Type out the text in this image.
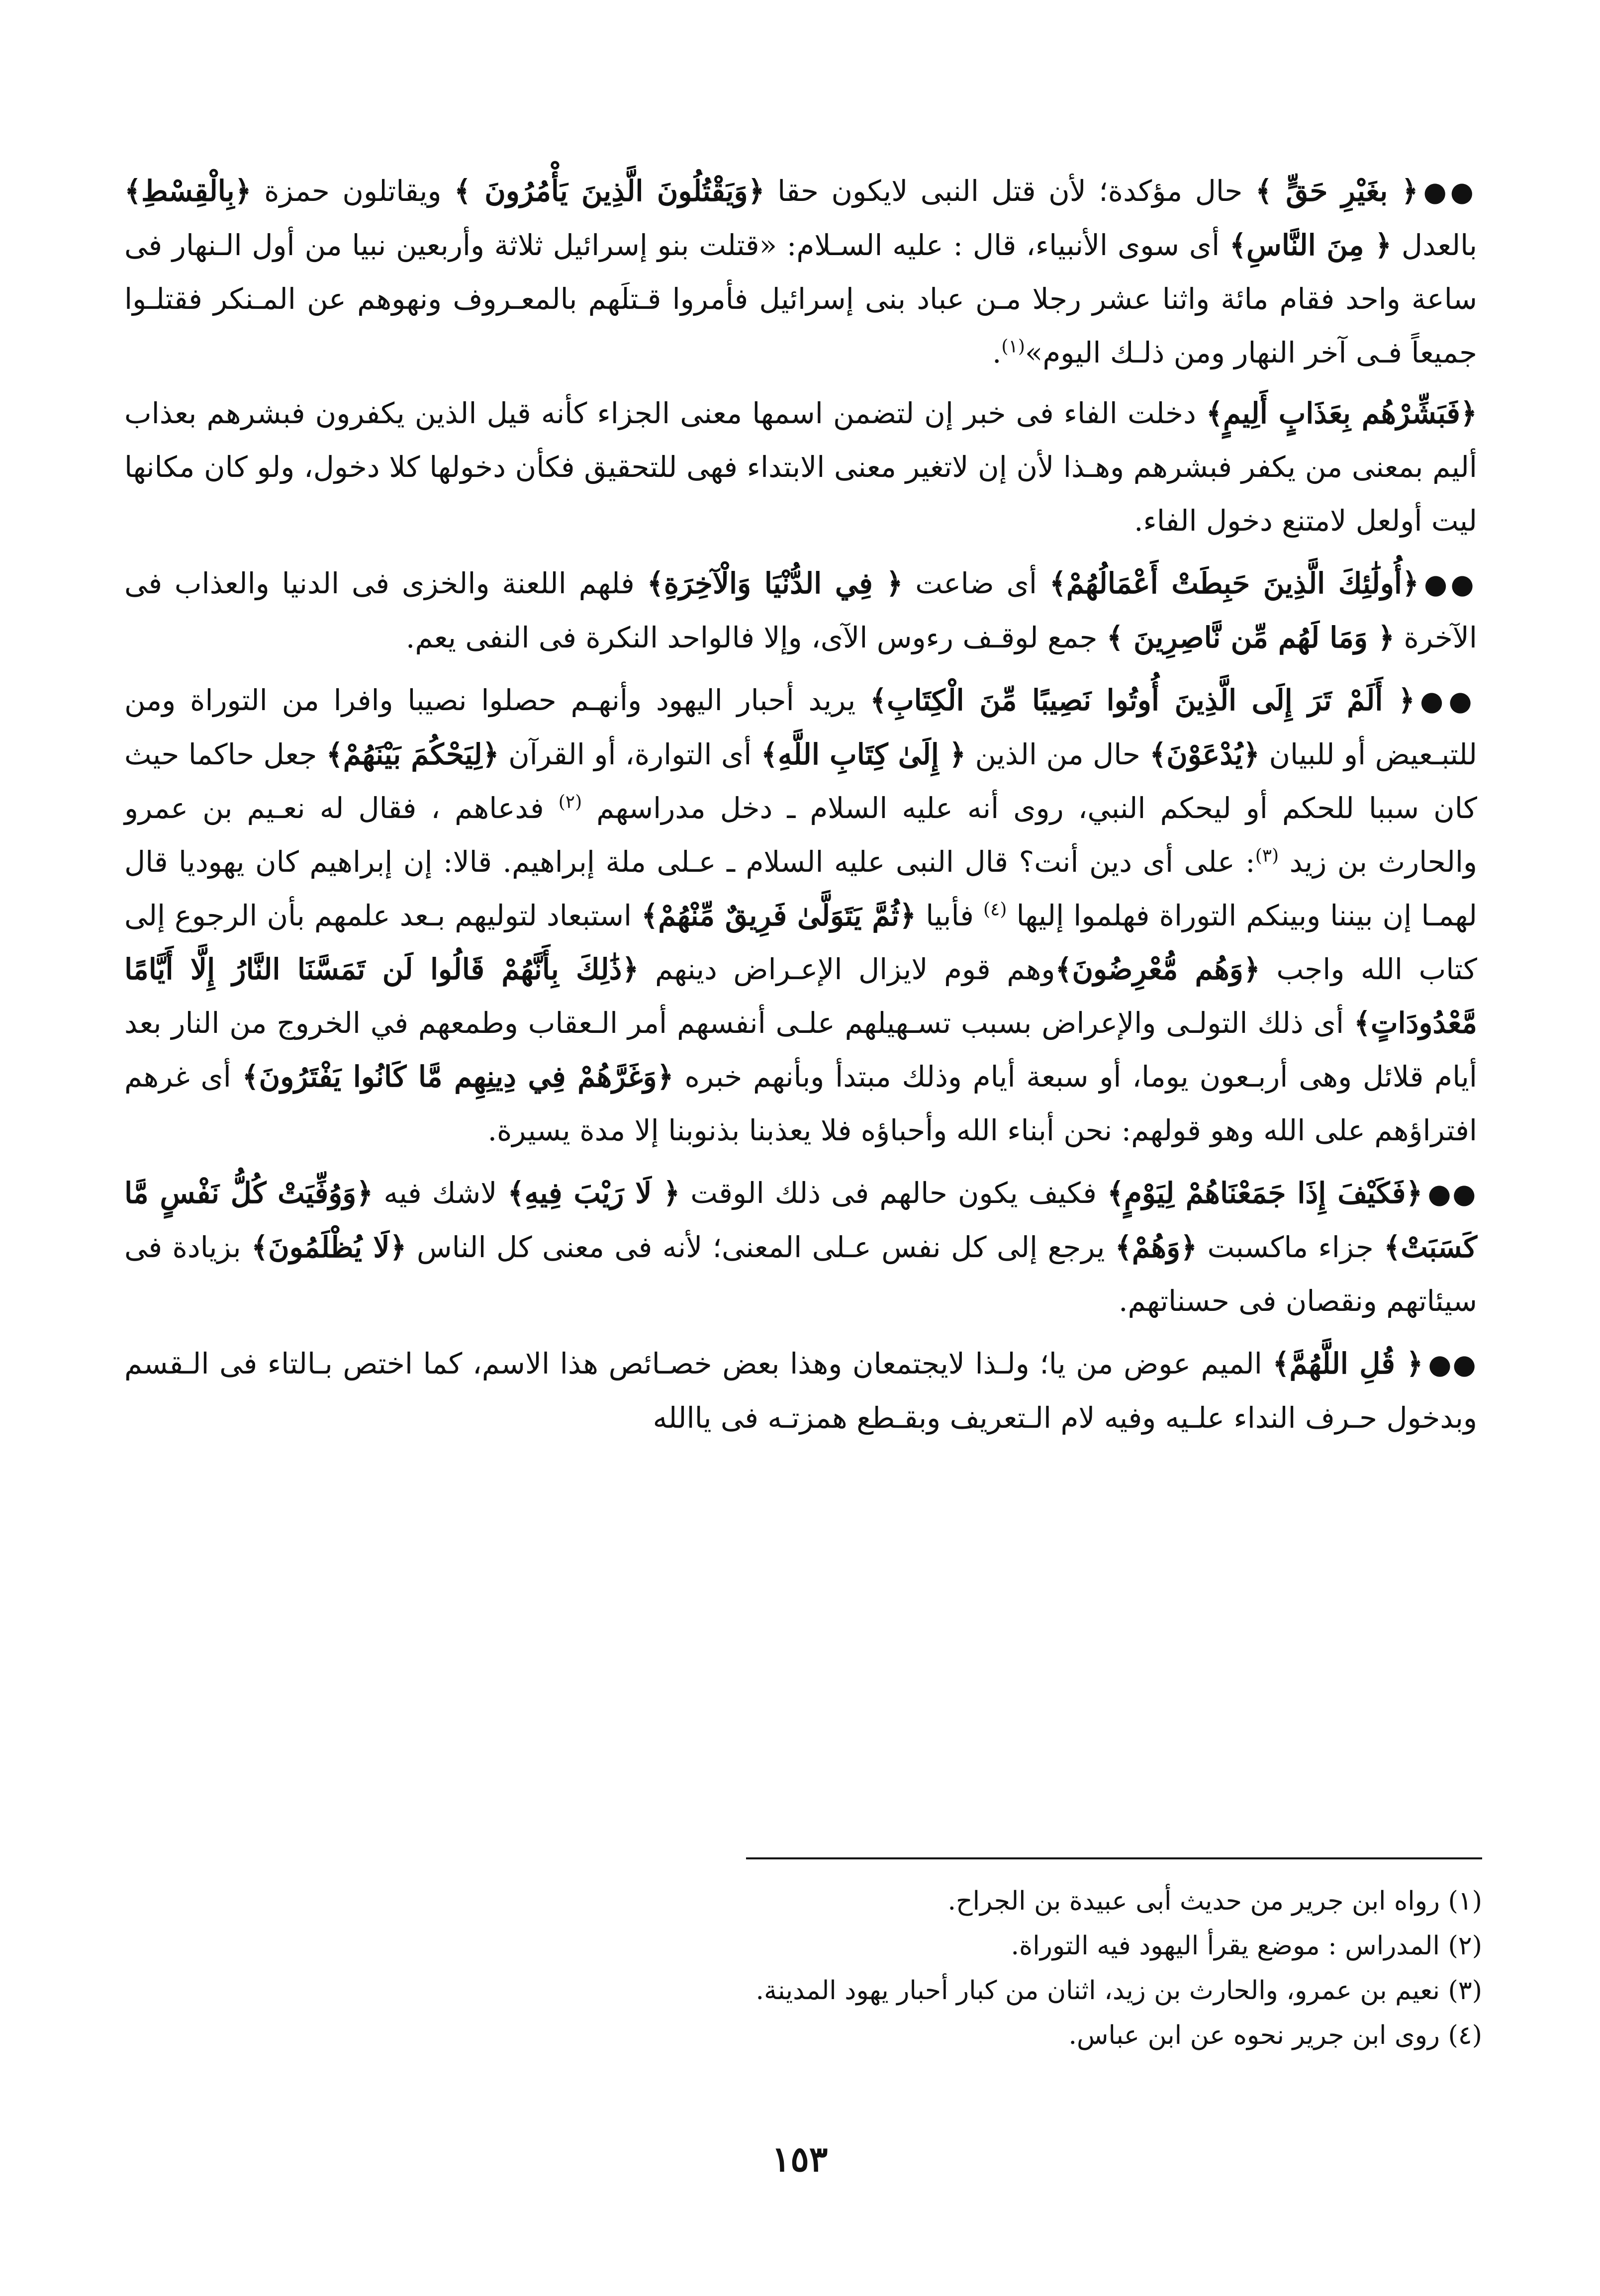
●●﴿ بغَيْرِ حَقٍّ ﴾ حال مؤكدة؛ لأن قتل النبى لايكون حقا ﴿وَيَقْتُلُونَ الَّذِينَ يَأْمُرُونَ ﴾ ويقاتلون حمزة ﴿بِالْقِسْطِ﴾ بالعدل ﴿ مِنَ النَّاسِ﴾ أى سوى الأنبياء، قال : عليه السـلام: «قتلت بنو إسرائيل ثلاثة وأربعين نبيا من أول الـنهار فى ساعة واحد فقام مائة واثنا عشر رجلا مـن عباد بنى إسرائيل فأمروا قـتلَهم بالمعـروف ونهوهم عن المـنكر فقتلـوا جميعاً فـى آخر النهار ومن ذلـك اليوم»$^{(١)}$.

﴿فَبَشِّرْهُم بِعَذَابٍ أَلِيمٍ﴾ دخلت الفاء فى خبر إن لتضمن اسمها معنى الجزاء كأنه قيل الذين يكفرون فبشرهم بعذاب أليم بمعنى من يكفر فبشرهم وهـذا لأن إن لاتغير معنى الابتداء فهى للتحقيق فكأن دخولها كلا دخول، ولو كان مكانها ليت أولعل لامتنع دخول الفاء.

●●﴿أُولَٰئِكَ الَّذِينَ حَبِطَتْ أَعْمَالُهُمْ﴾ أى ضاعت ﴿ فِي الدُّنْيَا وَالْآخِرَةِ﴾ فلهم اللعنة والخزى فى الدنيا والعذاب فى الآخرة ﴿ وَمَا لَهُم مِّن نَّاصِرِينَ ﴾ جمع لوقـف رءوس الآى، وإلا فالواحد النكرة فى النفى يعم.

●●﴿ أَلَمْ تَرَ إِلَى الَّذِينَ أُوتُوا نَصِيبًا مِّنَ الْكِتَابِ﴾ يريد أحبار اليهود وأنهـم حصلوا نصيبا وافرا من التوراة ومن للتبـعيض أو للبيان ﴿يُدْعَوْنَ﴾ حال من الذين ﴿ إِلَىٰ كِتَابِ اللَّهِ﴾ أى التوارة، أو القرآن ﴿لِيَحْكُمَ بَيْنَهُمْ﴾ جعل حاكما حيث كان سببا للحكم أو ليحكم النبي، روى أنه عليه السلام ـ دخل مدراسهم $^{(٢)}$ فدعاهم ، فقال له نعـيم بن عمرو والحارث بن زيد $^{(٣)}$: على أى دين أنت؟ قال النبى عليه السلام ـ عـلى ملة إبراهيم. قالا: إن إبراهيم كان يهوديا قال لهمـا إن بيننا وبينكم التوراة فهلموا إليها $^{(٤)}$ فأبيا ﴿ثُمَّ يَتَوَلَّىٰ فَرِيقٌ مِّنْهُمْ﴾ استبعاد لتوليهم بـعد علمهم بأن الرجوع إلى كتاب الله واجب ﴿وَهُم مُّعْرِضُونَ﴾وهم قوم لايزال الإعـراض دينهم ﴿ذَٰلِكَ بِأَنَّهُمْ قَالُوا لَن تَمَسَّنَا النَّارُ إِلَّا أَيَّامًا مَّعْدُودَاتٍ﴾ أى ذلك التولـى والإعراض بسبب تسـهيلهم علـى أنفسهم أمر الـعقاب وطمعهم في الخروج من النار بعد أيام قلائل وهى أربـعون يوما، أو سبعة أيام وذلك مبتدأ وبأنهم خبره ﴿وَغَرَّهُمْ فِي دِينِهِم مَّا كَانُوا يَفْتَرُونَ﴾ أى غرهم افتراؤهم على الله وهو قولهم: نحن أبناء الله وأحباؤه فلا يعذبنا بذنوبنا إلا مدة يسيرة.

●●﴿فَكَيْفَ إِذَا جَمَعْنَاهُمْ لِيَوْمٍ﴾ فكيف يكون حالهم فى ذلك الوقت ﴿ لَا رَيْبَ فِيهِ﴾ لاشك فيه ﴿وَوُفِّيَتْ كُلُّ نَفْسٍ مَّا كَسَبَتْ﴾ جزاء ماكسبت ﴿وَهُمْ﴾ يرجع إلى كل نفس عـلى المعنى؛ لأنه فى معنى كل الناس ﴿لَا يُظْلَمُونَ﴾ بزيادة فى سيئاتهم ونقصان فى حسناتهم.

●●﴿ قُلِ اللَّهُمَّ﴾ الميم عوض من يا؛ ولـذا لايجتمعان وهذا بعض خصـائص هذا الاسم، كما اختص بـالتاء فى الـقسم وبدخول حـرف النداء علـيه وفيه لام الـتعريف وبقـطع همزتـه فى ياالله

(١) رواه ابن جرير من حديث أبى عبيدة بن الجراح.

(٢) المدراس : موضع يقرأ اليهود فيه التوراة.

(٣) نعيم بن عمرو، والحارث بن زيد، اثنان من كبار أحبار يهود المدينة.

(٤) روى ابن جرير نحوه عن ابن عباس.

١٥٣
